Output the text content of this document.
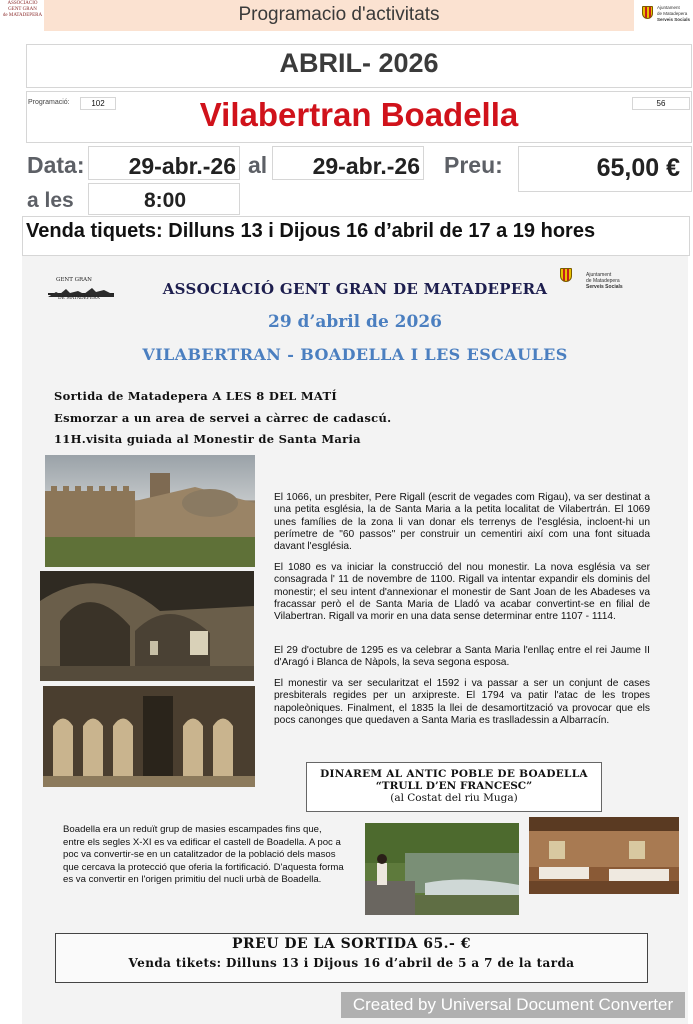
Programacio d'activitats
ASSOCIACIO
GENT GRAN
de MATADEPERA
Ajuntament
de Matadepera
Serveis Socials
ABRIL- 2026
Programació:	102	56
Vilabertran Boadella
Data:	29-abr.-26 al	29-abr.-26 Preu:	65,00 €
a les	8:00
Venda tiquets: Dilluns 13 i Dijous 16 d’abril de 17 a 19 hores
GENT GRAN
DE MATADEPERA
Ajuntament
de Matadepera
Serveis Socials
ASSOCIACIÓ GENT GRAN DE MATADEPERA
29 d’abril de 2026
VILABERTRAN - BOADELLA I LES ESCAULES
Sortida de Matadepera A LES 8 DEL MATÍ
Esmorzar a un area de servei a càrrec de cadascú.
11H.visita guiada al Monestir de Santa Maria
El 1066, un presbiter, Pere Rigall (escrit de vegades com Rigau), va ser destinat a una petita església, la de Santa Maria a la petita localitat de Vilabertrán. El 1069 unes famílies de la zona li van donar els terrenys de l'església, incloent-hi un perímetre de "60 passos" per construir un cementiri així com una font situada davant l'església.
El 1080 es va iniciar la construcció del nou monestir. La nova església va ser consagrada l' 11 de novembre de 1100. Rigall va intentar expandir els dominis del monestir; el seu intent d'annexionar el monestir de Sant Joan de les Abadeses va fracassar però el de Santa Maria de Lladó va acabar convertint-se en filial de Vilabertran. Rigall va morir en una data sense determinar entre 1107 - 1114.
El 29 d'octubre de 1295 es va celebrar a Santa Maria l'enllaç entre el rei Jaume II d'Aragó i Blanca de Nàpols, la seva segona esposa.
El monestir va ser secularitzat el 1592 i va passar a ser un conjunt de cases presbiterals regides per un arxipreste. El 1794 va patir l'atac de les tropes napoleòniques. Finalment, el 1835 la llei de desamortització va provocar que els pocs canonges que quedaven a Santa Maria es traslladessin a Albarracín.
DINAREM AL ANTIC POBLE DE BOADELLA
“TRULL D’EN FRANCESC”
(al Costat del riu Muga)
Boadella era un reduït grup de masies escampades fins que, entre els segles X-XI es va edificar el castell de Boadella. A poc a poc va convertir-se en un catalitzador de la població dels masos que cercava la protecció que oferia la fortificació. D'aquesta forma es va convertir en l'origen primitiu del nucli urbà de Boadella.
PREU DE LA SORTIDA 65.- €
Venda tikets: Dilluns 13 i Dijous 16 d’abril de 5 a 7 de la tarda
Created by Universal Document Converter
